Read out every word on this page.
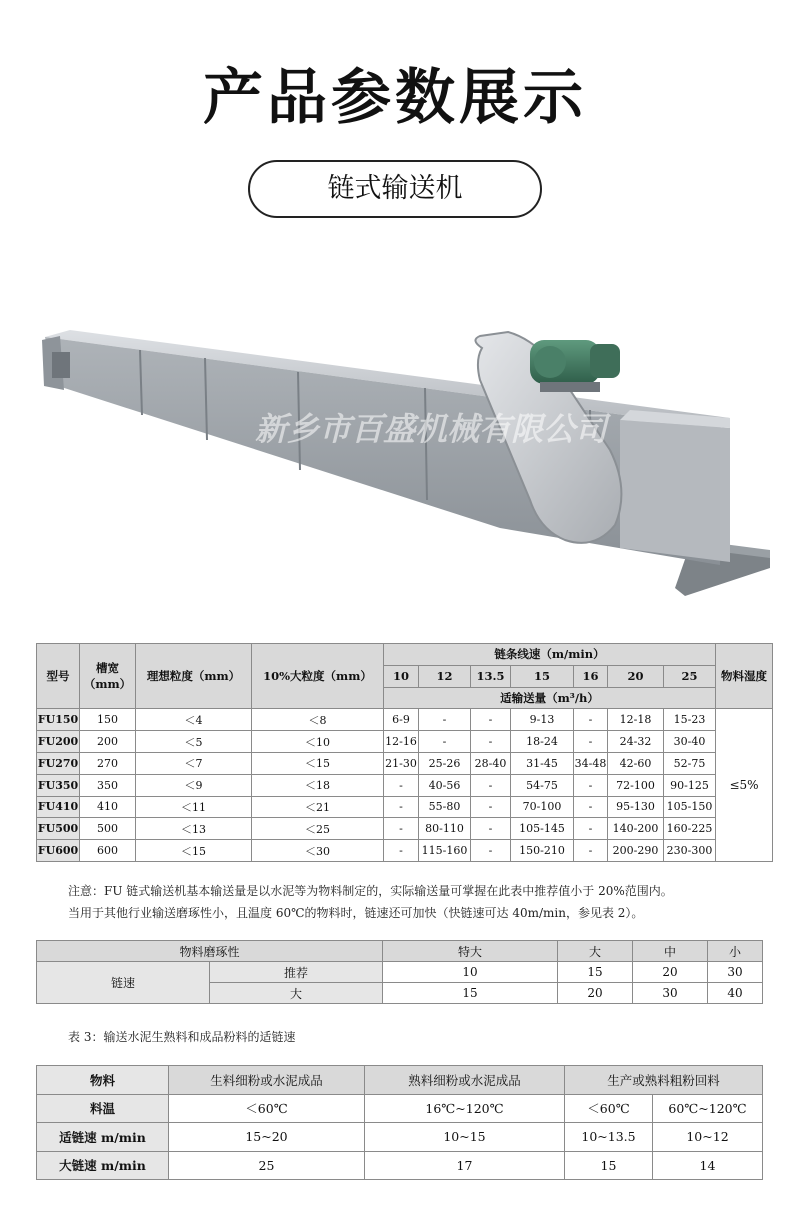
产品参数展示
链式输送机
新乡市百盛机械有限公司
型号	槽宽（mm）	理想粒度（mm）	10%大粒度（mm）	链条线速（m/min）							物料湿度
				10	12	13.5	15	16	20	25	
				适输送量（m³/h）							
FU150	150	＜4	＜8	6-9	-	-	9-13	-	12-18	15-23	≤5%
FU200	200	＜5	＜10	12-16	-	-	18-24	-	24-32	30-40	
FU270	270	＜7	＜15	21-30	25-26	28-40	31-45	34-48	42-60	52-75	
FU350	350	＜9	＜18	-	40-56	-	54-75	-	72-100	90-125	
FU410	410	＜11	＜21	-	55-80	-	70-100	-	95-130	105-150	
FU500	500	＜13	＜25	-	80-110	-	105-145	-	140-200	160-225	
FU600	600	＜15	＜30	-	115-160	-	150-210	-	200-290	230-300	
注意：FU 链式输送机基本输送量是以水泥等为物料制定的，实际输送量可掌握在此表中推荐值小于 20%范围内。
当用于其他行业输送磨琢性小，且温度 60℃的物料时，链速还可加快（快链速可达 40m/min，参见表 2）。
物料磨琢性		特大	大	中	小
链速	推荐	10	15	20	30
	大	15	20	30	40
表 3：输送水泥生熟料和成品粉料的适链速
物料	生料细粉或水泥成品	熟料细粉或水泥成品	生产或熟料粗粉回料	
料温	＜60℃	16℃~120℃	＜60℃	60℃~120℃
适链速 m/min	15~20	10~15	10~13.5	10~12
大链速 m/min	25	17	15	14
